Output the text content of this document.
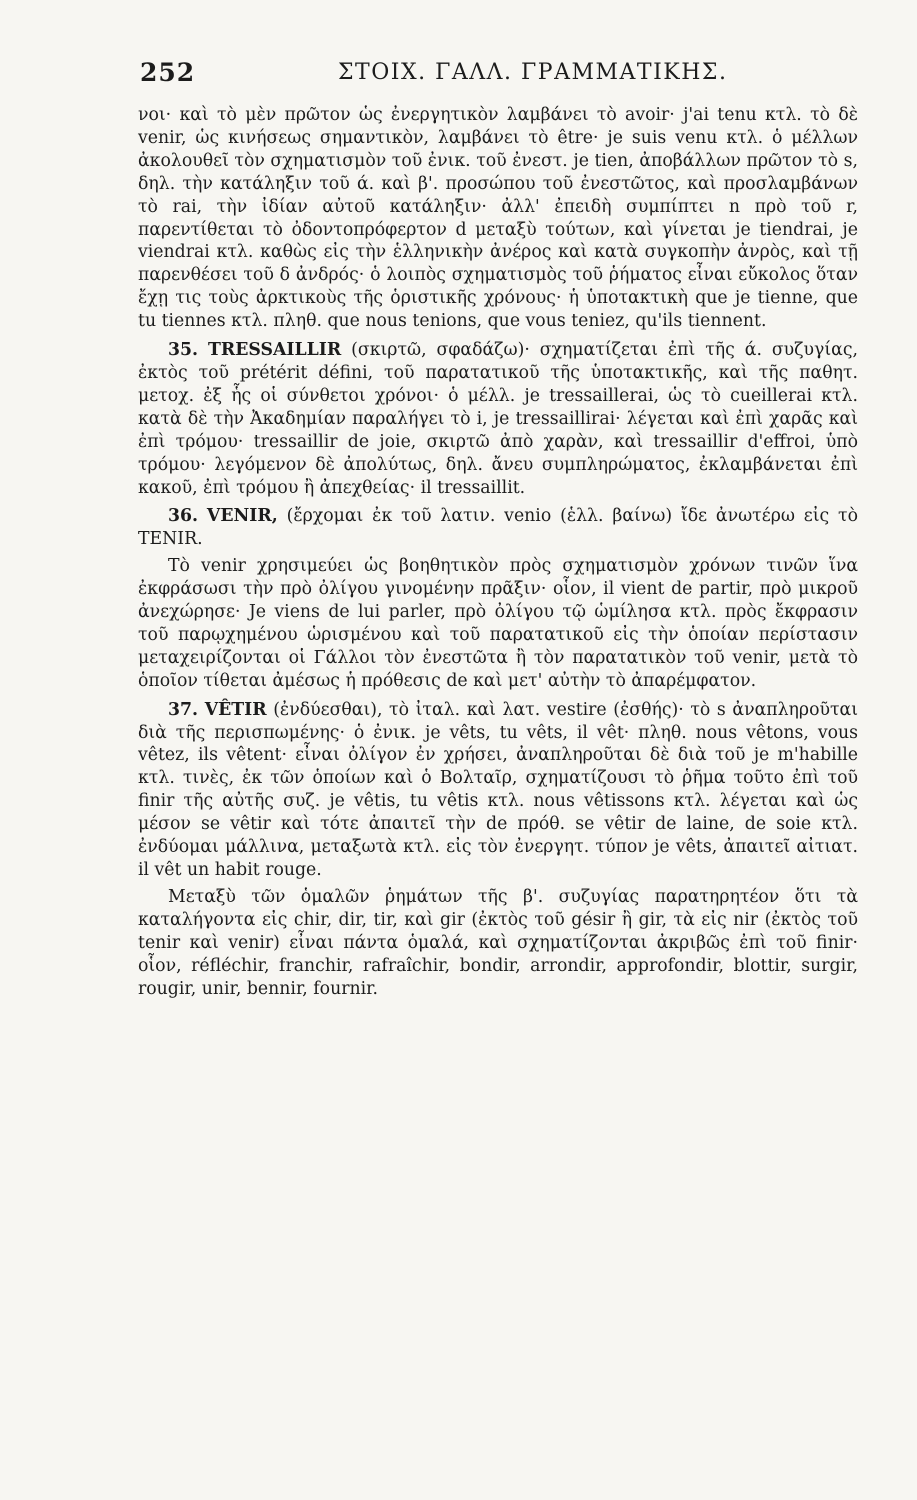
252	ΣΤΟΙΧ. ΓΑΛΛ. ΓΡΑΜΜΑΤΙΚΗΣ.

νοι· καὶ τὸ μὲν πρῶτον ὡς ἐνεργητικὸν λαμβάνει τὸ avoir· j'ai tenu κτλ. τὸ δὲ venir, ὡς κινήσεως σημαντικὸν, λαμβάνει τὸ être· je suis venu κτλ. ὁ μέλλων ἀκολουθεῖ τὸν σχηματισμὸν τοῦ ἐνικ. τοῦ ἐνεστ. je tien, ἀποβάλλων πρῶτον τὸ s, δηλ. τὴν κατάληξιν τοῦ ά. καὶ β'. προσώπου τοῦ ἐνεστῶτος, καὶ προσλαμβάνων τὸ rai, τὴν ἰδίαν αὐτοῦ κατάληξιν· ἀλλ' ἐπειδὴ συμπίπτει n πρὸ τοῦ r, παρεντίθεται τὸ ὀδοντοπρόφερτον d μεταξὺ τούτων, καὶ γίνεται je tiendrai, je viendrai κτλ. καθὼς εἰς τὴν ἑλληνικὴν ἀνέρος καὶ κατὰ συγκοπὴν ἀνρὸς, καὶ τῇ παρενθέσει τοῦ δ ἀνδρός· ὁ λοιπὸς σχηματισμὸς τοῦ ῥήματος εἶναι εὔκολος ὅταν ἔχῃ τις τοὺς ἀρκτικοὺς τῆς ὁριστικῆς χρόνους· ἡ ὑποτακτικὴ que je tienne, que tu tiennes κτλ. πληθ. que nous tenions, que vous teniez, qu'ils tiennent.

35. TRESSAILLIR (σκιρτῶ, σφαδάζω)· σχηματίζεται ἐπὶ τῆς ά. συζυγίας, ἐκτὸς τοῦ prétérit défini, τοῦ παρατατικοῦ τῆς ὑποτακτικῆς, καὶ τῆς παθητ. μετοχ. ἐξ ἧς οἱ σύνθετοι χρόνοι· ὁ μέλλ. je tressaillerai, ὡς τὸ cueillerai κτλ. κατὰ δὲ τὴν Ἀκαδημίαν παραλήγει τὸ i, je tressaillirai· λέγεται καὶ ἐπὶ χαρᾶς καὶ ἐπὶ τρόμου· tressaillir de joie, σκιρτῶ ἀπὸ χαρὰν, καὶ tressaillir d'effroi, ὑπὸ τρόμου· λεγόμενον δὲ ἀπολύτως, δηλ. ἄνευ συμπληρώματος, ἐκλαμβάνεται ἐπὶ κακοῦ, ἐπὶ τρόμου ἢ ἀπεχθείας· il tressaillit.

36. VENIR, (ἔρχομαι ἐκ τοῦ λατιν. venio (ἑλλ. βαίνω) ἴδε ἀνωτέρω εἰς τὸ TENIR.

Τὸ venir χρησιμεύει ὡς βοηθητικὸν πρὸς σχηματισμὸν χρόνων τινῶν ἵνα ἐκφράσωσι τὴν πρὸ ὀλίγου γινομένην πρᾶξιν· οἷον, il vient de partir, πρὸ μικροῦ ἀνεχώρησε· Je viens de lui parler, πρὸ ὀλίγου τῷ ὡμίλησα κτλ. πρὸς ἔκφρασιν τοῦ παρῳχημένου ὡρισμένου καὶ τοῦ παρατατικοῦ εἰς τὴν ὁποίαν περίστασιν μεταχειρίζονται οἱ Γάλλοι τὸν ἐνεστῶτα ἢ τὸν παρατατικὸν τοῦ venir, μετὰ τὸ ὁποῖον τίθεται ἀμέσως ἡ πρόθεσις de καὶ μετ' αὐτὴν τὸ ἀπαρέμφατον.

37. VÊTIR (ἐνδύεσθαι), τὸ ἰταλ. καὶ λατ. vestire (ἐσθής)· τὸ s ἀναπληροῦται διὰ τῆς περισπωμένης· ὁ ἐνικ. je vêts, tu vêts, il vêt· πληθ. nous vêtons, vous vêtez, ils vêtent· εἶναι ὀλίγον ἐν χρήσει, ἀναπληροῦται δὲ διὰ τοῦ je m'habille κτλ. τινὲς, ἐκ τῶν ὁποίων καὶ ὁ Βολταῖρ, σχηματίζουσι τὸ ῥῆμα τοῦτο ἐπὶ τοῦ finir τῆς αὐτῆς συζ. je vêtis, tu vêtis κτλ. nous vêtissons κτλ. λέγεται καὶ ὡς μέσον se vêtir καὶ τότε ἀπαιτεῖ τὴν de πρόθ. se vêtir de laine, de soie κτλ. ἐνδύομαι μάλλινα, μεταξωτὰ κτλ. εἰς τὸν ἐνεργητ. τύπον je vêts, ἀπαιτεῖ αἰτιατ. il vêt un habit rouge.

Μεταξὺ τῶν ὁμαλῶν ῥημάτων τῆς β'. συζυγίας παρατηρητέον ὅτι τὰ καταλήγοντα εἰς chir, dir, tir, καὶ gir (ἐκτὸς τοῦ gésir ἢ gir, τὰ εἰς nir (ἐκτὸς τοῦ tenir καὶ venir) εἶναι πάντα ὁμαλά, καὶ σχηματίζονται ἀκριβῶς ἐπὶ τοῦ finir· οἷον, réfléchir, franchir, rafraîchir, bondir, arrondir, approfondir, blottir, surgir, rougir, unir, bennir, fournir.
